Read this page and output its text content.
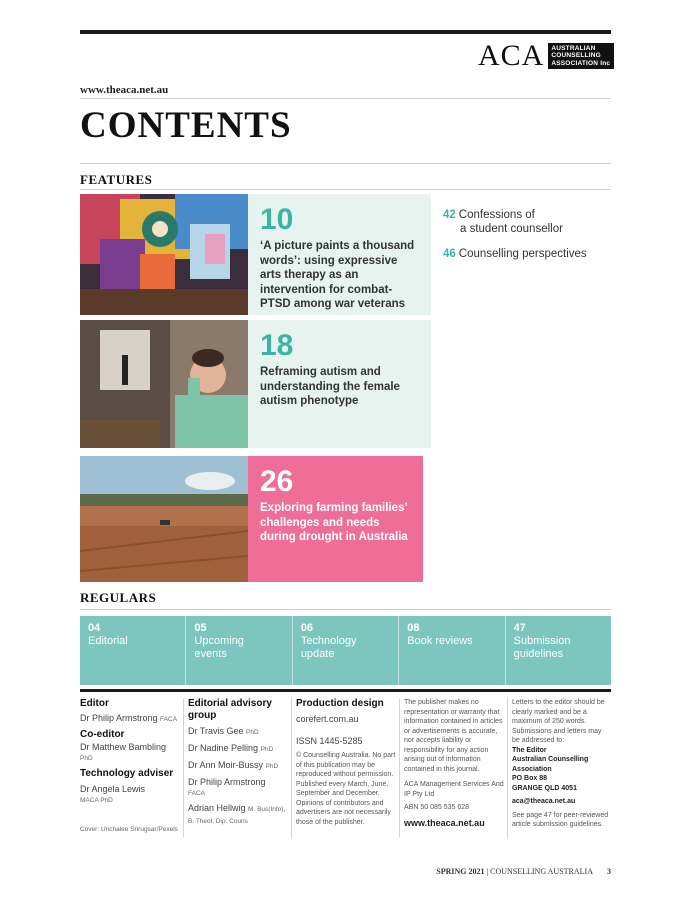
ACA AUSTRALIAN
COUNSELLING
ASSOCIATION Inc
www.theaca.net.au
CONTENTS
FEATURES
10
‘A picture paints a thousand words’: using expressive arts therapy as an intervention for combat-PTSD among war veterans
18
Reframing autism and understanding the female autism phenotype
26
Exploring farming families’ challenges and needs during drought in Australia
42 Confessions of
a student counsellor
46 Counselling perspectives
REGULARS
04
Editorial
05
Upcoming
events
06
Technology
update
08
Book reviews
47
Submission
guidelines
Editor
Dr Philip Armstrong FACA
Co-editor
Dr Matthew Bambling
PhD
Technology adviser
Dr Angela Lewis
MACA PhD
Cover: Unchalee Srirugsar/Pexels
Editorial advisory
group
Dr Travis Gee PhD
Dr Nadine Pelling PhD
Dr Ann Moir-Bussy PhD
Dr Philip Armstrong
FACA
Adrian Hellwig M. Bus(Info),
B. Theol, Dip. Couns
Production design
corefert.com.au
ISSN 1445-5285
© Counselling Australia. No part of this publication may be reproduced without permission. Published every March, June, September and December. Opinions of contributors and advertisers are not necessarily those of the publisher.
The publisher makes no representation or warranty that information contained in articles or advertisements is accurate, nor accepts liability or responsibility for any action arising out of information contained in this journal.
ACA Management Services And IP Pty Ltd
ABN 50 085 535 628
www.theaca.net.au
Letters to the editor should be clearly marked and be a maximum of 250 words. Submissions and letters may be addressed to:
The Editor
Australian Counselling Association
PO Box 88
GRANGE QLD 4051
aca@theaca.net.au
See page 47 for peer-reviewed article submission guidelines.
SPRING 2021 | COUNSELLING AUSTRALIA 3
